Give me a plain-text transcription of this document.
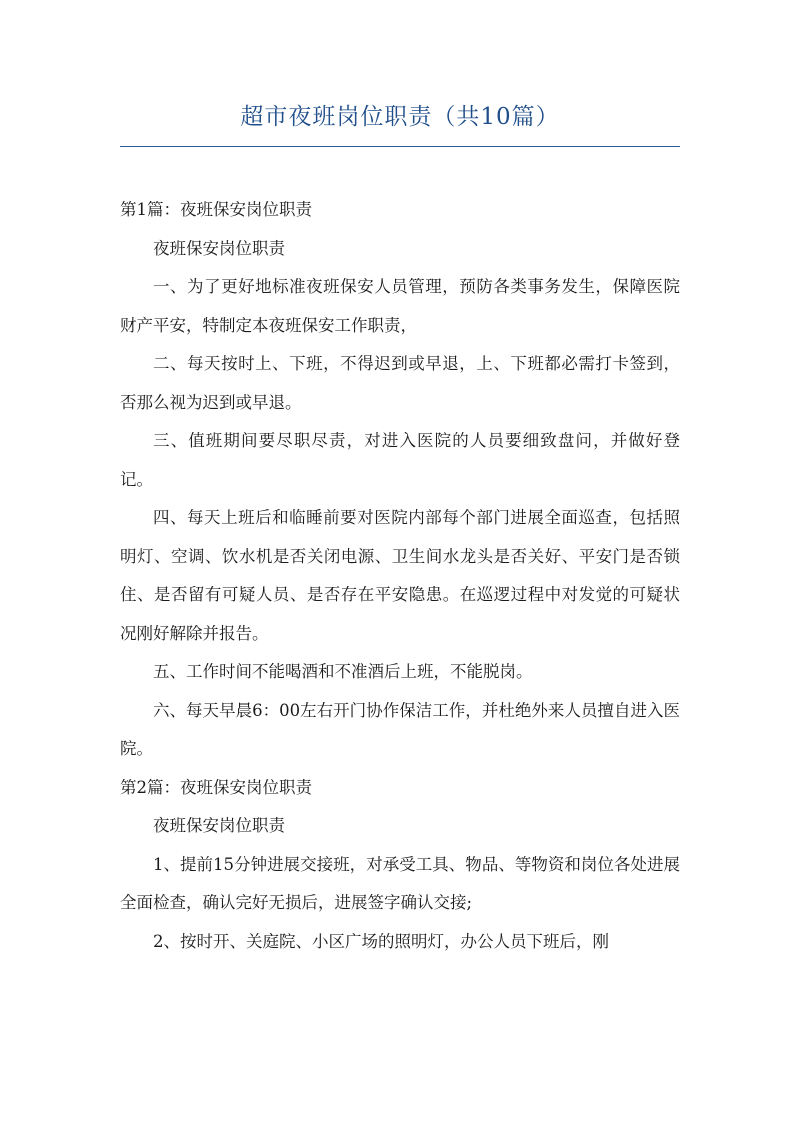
超市夜班岗位职责（共10篇）

第1篇：夜班保安岗位职责

夜班保安岗位职责

一、为了更好地标准夜班保安人员管理，预防各类事务发生，保障医院财产平安，特制定本夜班保安工作职责，

二、每天按时上、下班，不得迟到或早退，上、下班都必需打卡签到，否那么视为迟到或早退。

三、值班期间要尽职尽责，对进入医院的人员要细致盘问，并做好登记。

四、每天上班后和临睡前要对医院内部每个部门进展全面巡查，包括照明灯、空调、饮水机是否关闭电源、卫生间水龙头是否关好、平安门是否锁住、是否留有可疑人员、是否存在平安隐患。在巡逻过程中对发觉的可疑状况刚好解除并报告。

五、工作时间不能喝酒和不准酒后上班，不能脱岗。

六、每天早晨6：00左右开门协作保洁工作，并杜绝外来人员擅自进入医院。

第2篇：夜班保安岗位职责

夜班保安岗位职责

1、提前15分钟进展交接班，对承受工具、物品、等物资和岗位各处进展全面检查，确认完好无损后，进展签字确认交接;

2、按时开、关庭院、小区广场的照明灯，办公人员下班后，刚
